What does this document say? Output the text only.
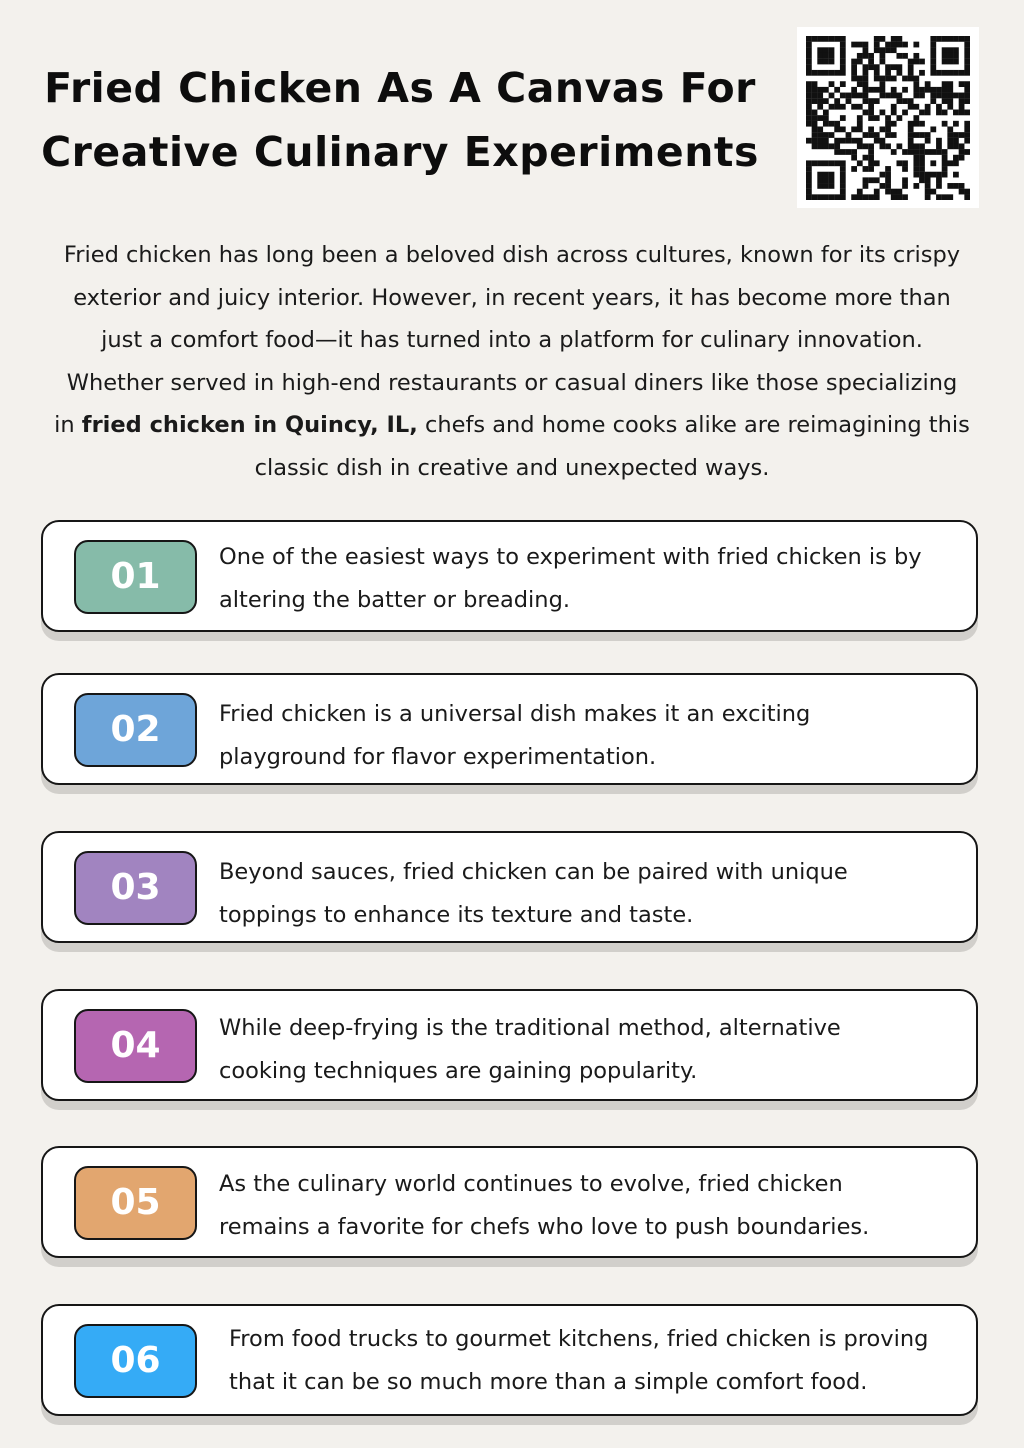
Fried Chicken As A Canvas For
Creative Culinary Experiments
Fried chicken has long been a beloved dish across cultures, known for its crispy
exterior and juicy interior. However, in recent years, it has become more than
just a comfort food—it has turned into a platform for culinary innovation.
Whether served in high-end restaurants or casual diners like those specializing
in fried chicken in Quincy, IL, chefs and home cooks alike are reimagining this
classic dish in creative and unexpected ways.
01	One of the easiest ways to experiment with fried chicken is by
altering the batter or breading.
02	Fried chicken is a universal dish makes it an exciting
playground for flavor experimentation.
03	Beyond sauces, fried chicken can be paired with unique
toppings to enhance its texture and taste.
04	While deep-frying is the traditional method, alternative
cooking techniques are gaining popularity.
05	As the culinary world continues to evolve, fried chicken
remains a favorite for chefs who love to push boundaries.
06
From food trucks to gourmet kitchens, fried chicken is proving
that it can be so much more than a simple comfort food.
